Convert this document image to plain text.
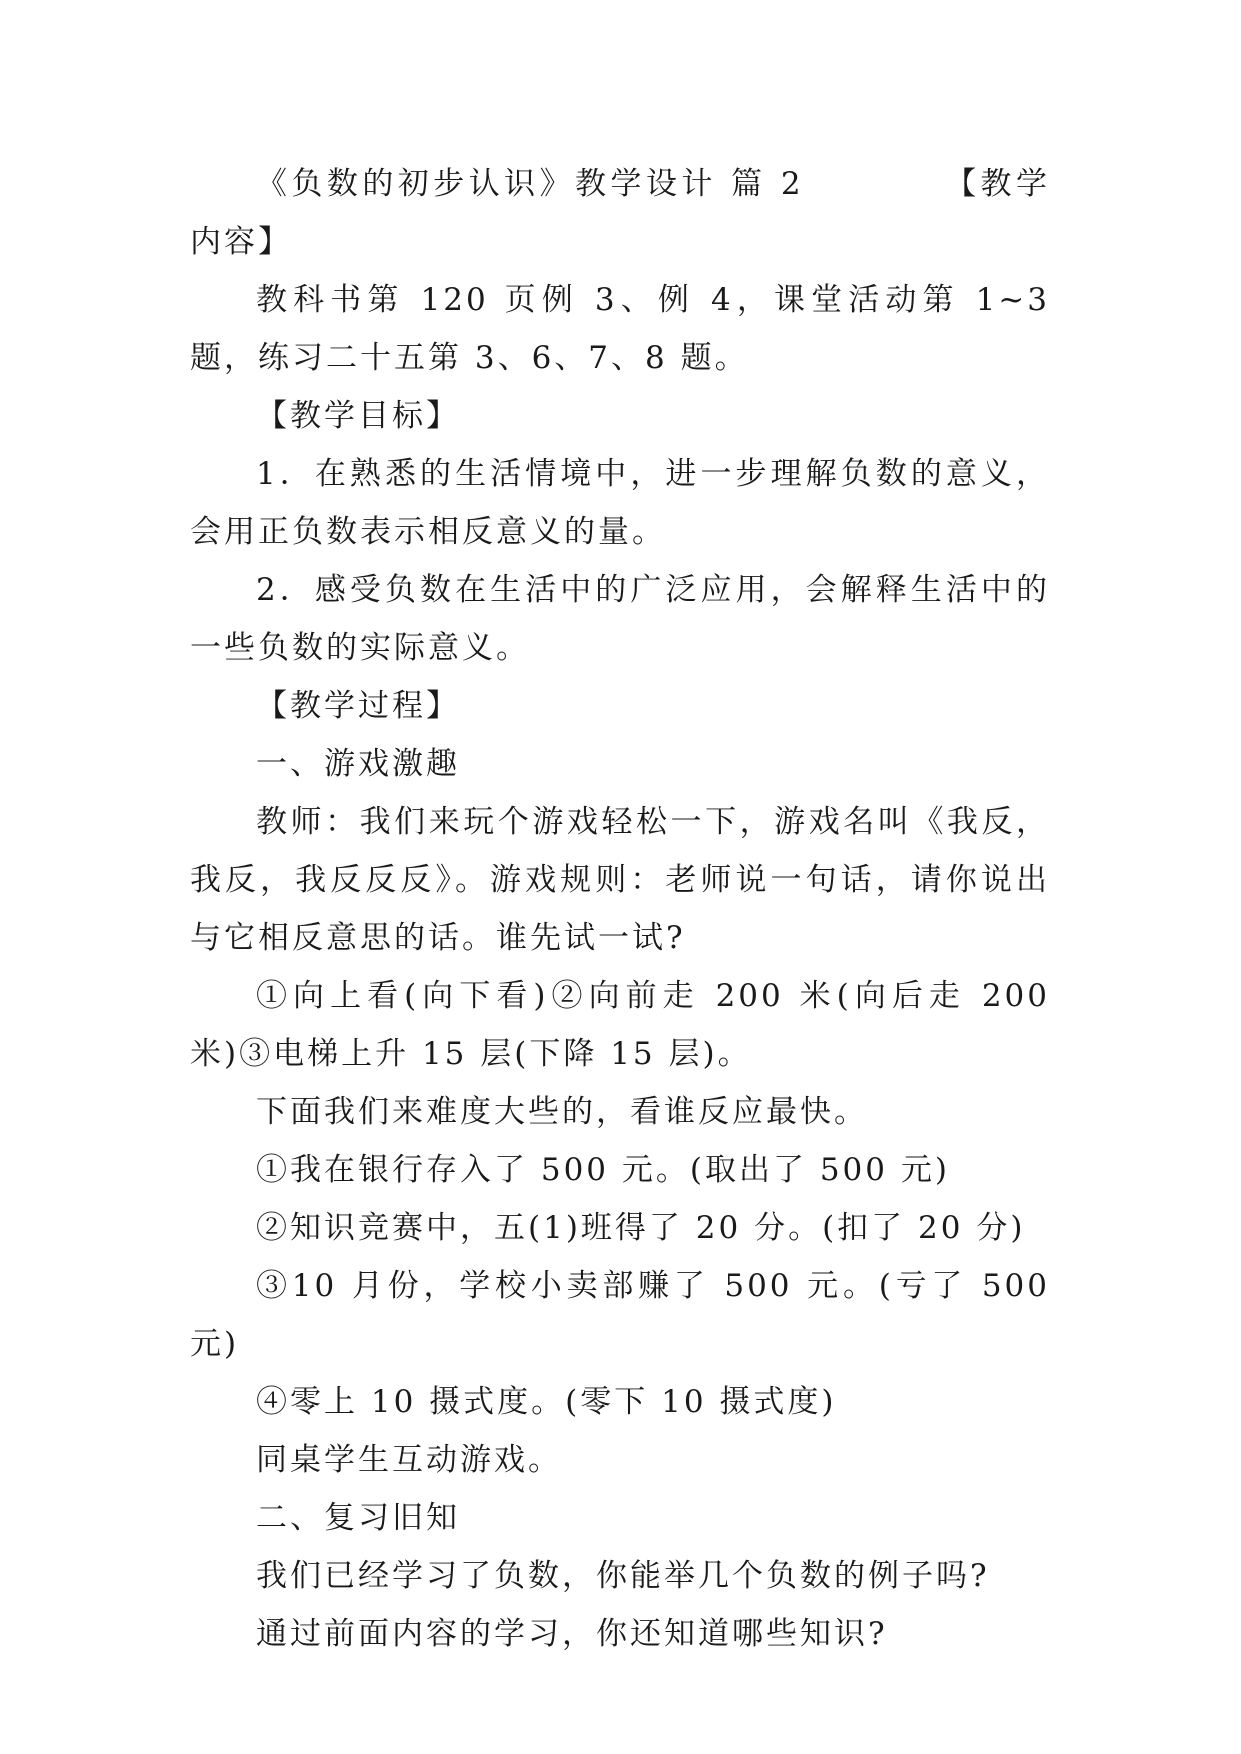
《负数的初步认识》教学设计 篇 2	【教学内容】

教科书第 120 页例 3、例 4，课堂活动第 1~3 题，练习二十五第 3、6、7、8 题。

【教学目标】

1．在熟悉的生活情境中，进一步理解负数的意义，会用正负数表示相反意义的量。

2．感受负数在生活中的广泛应用，会解释生活中的一些负数的实际意义。

【教学过程】

一、游戏激趣

教师：我们来玩个游戏轻松一下，游戏名叫《我反，我反，我反反反》。游戏规则：老师说一句话，请你说出与它相反意思的话。谁先试一试?

①向上看(向下看)②向前走 200 米(向后走 200 米)③电梯上升 15 层(下降 15 层)。

下面我们来难度大些的，看谁反应最快。

①我在银行存入了 500 元。(取出了 500 元)

②知识竞赛中，五(1)班得了 20 分。(扣了 20 分)

③10 月份，学校小卖部赚了 500 元。(亏了 500 元)

④零上 10 摄式度。(零下 10 摄式度)

同桌学生互动游戏。

二、复习旧知

我们已经学习了负数，你能举几个负数的例子吗?

通过前面内容的学习，你还知道哪些知识?
